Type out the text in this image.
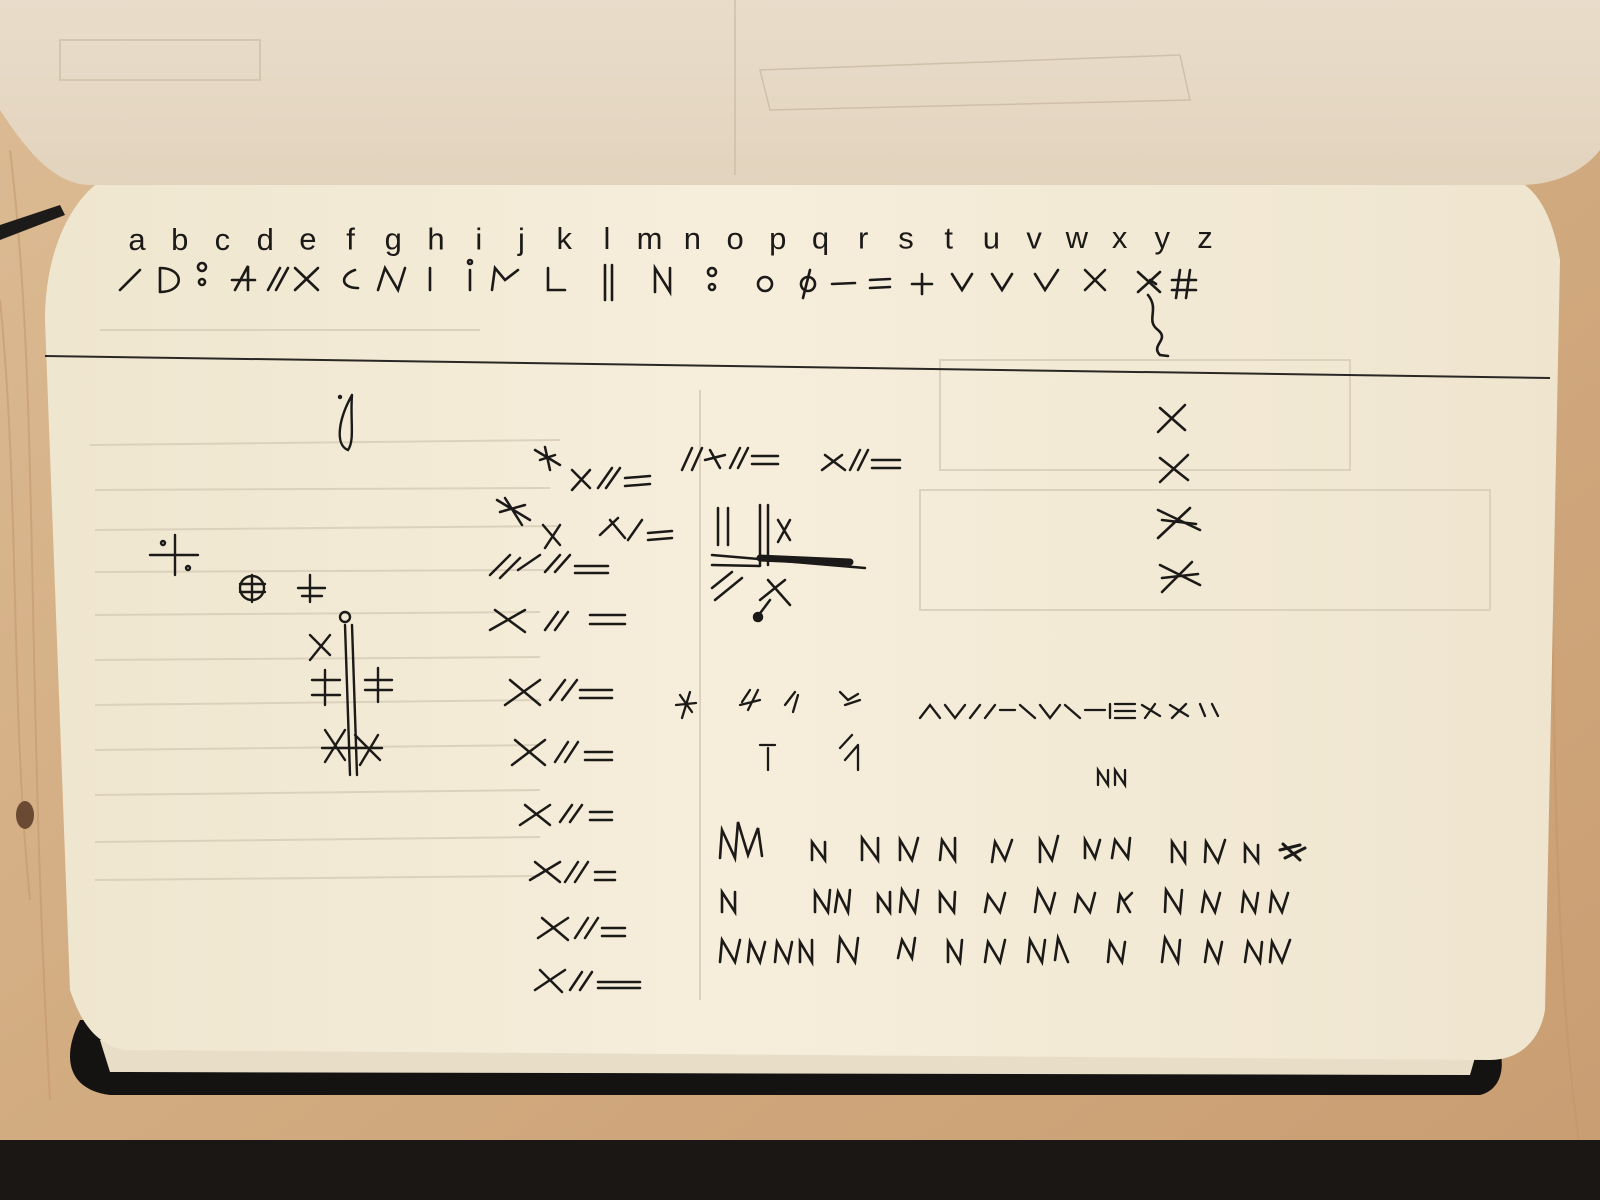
a b c d e f g h i j k l m n o p q r s t u v w x y z
